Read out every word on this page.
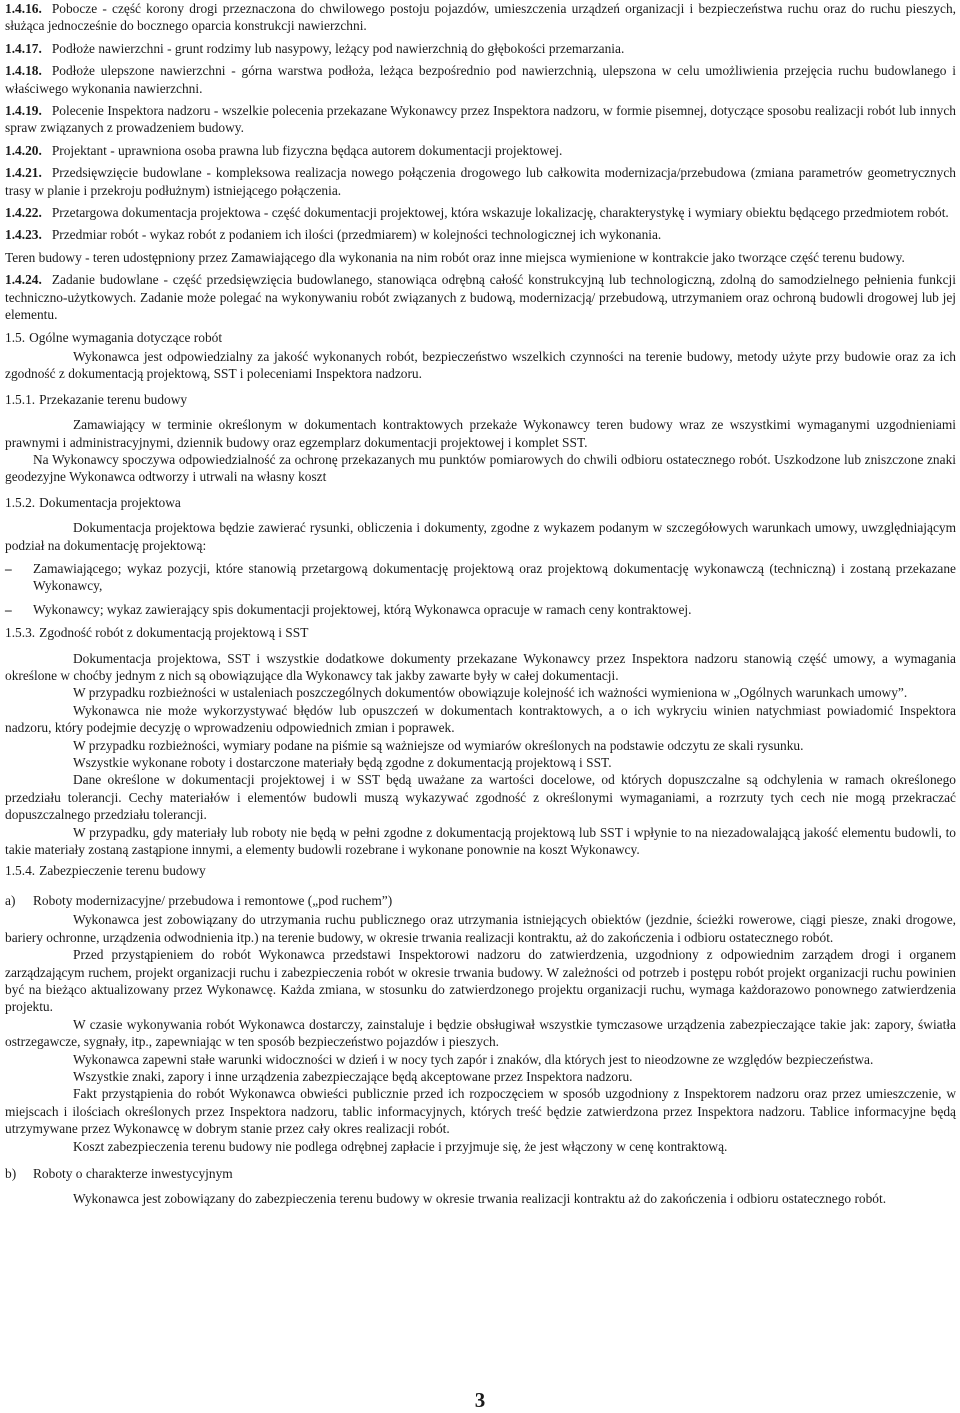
1.4.16. Pobocze - część korony drogi przeznaczona do chwilowego postoju pojazdów, umieszczenia urządzeń organizacji i bezpieczeństwa ruchu oraz do ruchu pieszych, służąca jednocześnie do bocznego oparcia konstrukcji nawierzchni.

1.4.17. Podłoże nawierzchni - grunt rodzimy lub nasypowy, leżący pod nawierzchnią do głębokości przemarzania.

1.4.18. Podłoże ulepszone nawierzchni - górna warstwa podłoża, leżąca bezpośrednio pod nawierzchnią, ulepszona w celu umożliwienia przejęcia ruchu budowlanego i właściwego wykonania nawierzchni.

1.4.19. Polecenie Inspektora nadzoru - wszelkie polecenia przekazane Wykonawcy przez Inspektora nadzoru, w formie pisemnej, dotyczące sposobu realizacji robót lub innych spraw związanych z prowadzeniem budowy.

1.4.20. Projektant - uprawniona osoba prawna lub fizyczna będąca autorem dokumentacji projektowej.

1.4.21. Przedsięwzięcie budowlane - kompleksowa realizacja nowego połączenia drogowego lub całkowita modernizacja/przebudowa (zmiana parametrów geometrycznych trasy w planie i przekroju podłużnym) istniejącego połączenia.

1.4.22. Przetargowa dokumentacja projektowa - część dokumentacji projektowej, która wskazuje lokalizację, charakterystykę i wymiary obiektu będącego przedmiotem robót.

1.4.23. Przedmiar robót - wykaz robót z podaniem ich ilości (przedmiarem) w kolejności technologicznej ich wykonania.

Teren budowy - teren udostępniony przez Zamawiającego dla wykonania na nim robót oraz inne miejsca wymienione w kontrakcie jako tworzące część terenu budowy.

1.4.24. Zadanie budowlane - część przedsięwzięcia budowlanego, stanowiąca odrębną całość konstrukcyjną lub technologiczną, zdolną do samodzielnego pełnienia funkcji techniczno-użytkowych. Zadanie może polegać na wykonywaniu robót związanych z budową, modernizacją/ przebudową, utrzymaniem oraz ochroną budowli drogowej lub jej elementu.

1.5. Ogólne wymagania dotyczące robót

Wykonawca jest odpowiedzialny za jakość wykonanych robót, bezpieczeństwo wszelkich czynności na terenie budowy, metody użyte przy budowie oraz za ich zgodność z dokumentacją projektową, SST i poleceniami Inspektora nadzoru.

1.5.1. Przekazanie terenu budowy

Zamawiający w terminie określonym w dokumentach kontraktowych przekaże Wykonawcy teren budowy wraz ze wszystkimi wymaganymi uzgodnieniami prawnymi i administracyjnymi, dziennik budowy oraz egzemplarz dokumentacji projektowej i komplet SST.

Na Wykonawcy spoczywa odpowiedzialność za ochronę przekazanych mu punktów pomiarowych do chwili odbioru ostatecznego robót. Uszkodzone lub zniszczone znaki geodezyjne Wykonawca odtworzy i utrwali na własny koszt

1.5.2. Dokumentacja projektowa

Dokumentacja projektowa będzie zawierać rysunki, obliczenia i dokumenty, zgodne z wykazem podanym w szczegółowych warunkach umowy, uwzględniającym podział na dokumentację projektową:

– Zamawiającego; wykaz pozycji, które stanowią przetargową dokumentację projektową oraz projektową dokumentację wykonawczą (techniczną) i zostaną przekazane Wykonawcy,

– Wykonawcy; wykaz zawierający spis dokumentacji projektowej, którą Wykonawca opracuje w ramach ceny kontraktowej.

1.5.3. Zgodność robót z dokumentacją projektową i SST

Dokumentacja projektowa, SST i wszystkie dodatkowe dokumenty przekazane Wykonawcy przez Inspektora nadzoru stanowią część umowy, a wymagania określone w choćby jednym z nich są obowiązujące dla Wykonawcy tak jakby zawarte były w całej dokumentacji.

W przypadku rozbieżności w ustaleniach poszczególnych dokumentów obowiązuje kolejność ich ważności wymieniona w „Ogólnych warunkach umowy”.

Wykonawca nie może wykorzystywać błędów lub opuszczeń w dokumentach kontraktowych, a o ich wykryciu winien natychmiast powiadomić Inspektora nadzoru, który podejmie decyzję o wprowadzeniu odpowiednich zmian i poprawek.

W przypadku rozbieżności, wymiary podane na piśmie są ważniejsze od wymiarów określonych na podstawie odczytu ze skali rysunku.

Wszystkie wykonane roboty i dostarczone materiały będą zgodne z dokumentacją projektową i SST.

Dane określone w dokumentacji projektowej i w SST będą uważane za wartości docelowe, od których dopuszczalne są odchylenia w ramach określonego przedziału tolerancji. Cechy materiałów i elementów budowli muszą wykazywać zgodność z określonymi wymaganiami, a rozrzuty tych cech nie mogą przekraczać dopuszczalnego przedziału tolerancji.

W przypadku, gdy materiały lub roboty nie będą w pełni zgodne z dokumentacją projektową lub SST i wpłynie to na niezadowalającą jakość elementu budowli, to takie materiały zostaną zastąpione innymi, a elementy budowli rozebrane i wykonane ponownie na koszt Wykonawcy.

1.5.4. Zabezpieczenie terenu budowy

a) Roboty modernizacyjne/ przebudowa i remontowe („pod ruchem”)

Wykonawca jest zobowiązany do utrzymania ruchu publicznego oraz utrzymania istniejących obiektów (jezdnie, ścieżki rowerowe, ciągi piesze, znaki drogowe, bariery ochronne, urządzenia odwodnienia itp.) na terenie budowy, w okresie trwania realizacji kontraktu, aż do zakończenia i odbioru ostatecznego robót.

Przed przystąpieniem do robót Wykonawca przedstawi Inspektorowi nadzoru do zatwierdzenia, uzgodniony z odpowiednim zarządem drogi i organem zarządzającym ruchem, projekt organizacji ruchu i zabezpieczenia robót w okresie trwania budowy. W zależności od potrzeb i postępu robót projekt organizacji ruchu powinien być na bieżąco aktualizowany przez Wykonawcę. Każda zmiana, w stosunku do zatwierdzonego projektu organizacji ruchu, wymaga każdorazowo ponownego zatwierdzenia projektu.

W czasie wykonywania robót Wykonawca dostarczy, zainstaluje i będzie obsługiwał wszystkie tymczasowe urządzenia zabezpieczające takie jak: zapory, światła ostrzegawcze, sygnały, itp., zapewniając w ten sposób bezpieczeństwo pojazdów i pieszych.

Wykonawca zapewni stałe warunki widoczności w dzień i w nocy tych zapór i znaków, dla których jest to nieodzowne ze względów bezpieczeństwa.

Wszystkie znaki, zapory i inne urządzenia zabezpieczające będą akceptowane przez Inspektora nadzoru.

Fakt przystąpienia do robót Wykonawca obwieści publicznie przed ich rozpoczęciem w sposób uzgodniony z Inspektorem nadzoru oraz przez umieszczenie, w miejscach i ilościach określonych przez Inspektora nadzoru, tablic informacyjnych, których treść będzie zatwierdzona przez Inspektora nadzoru. Tablice informacyjne będą utrzymywane przez Wykonawcę w dobrym stanie przez cały okres realizacji robót.

Koszt zabezpieczenia terenu budowy nie podlega odrębnej zapłacie i przyjmuje się, że jest włączony w cenę kontraktową.

b) Roboty o charakterze inwestycyjnym

Wykonawca jest zobowiązany do zabezpieczenia terenu budowy w okresie trwania realizacji kontraktu aż do zakończenia i odbioru ostatecznego robót.

3
